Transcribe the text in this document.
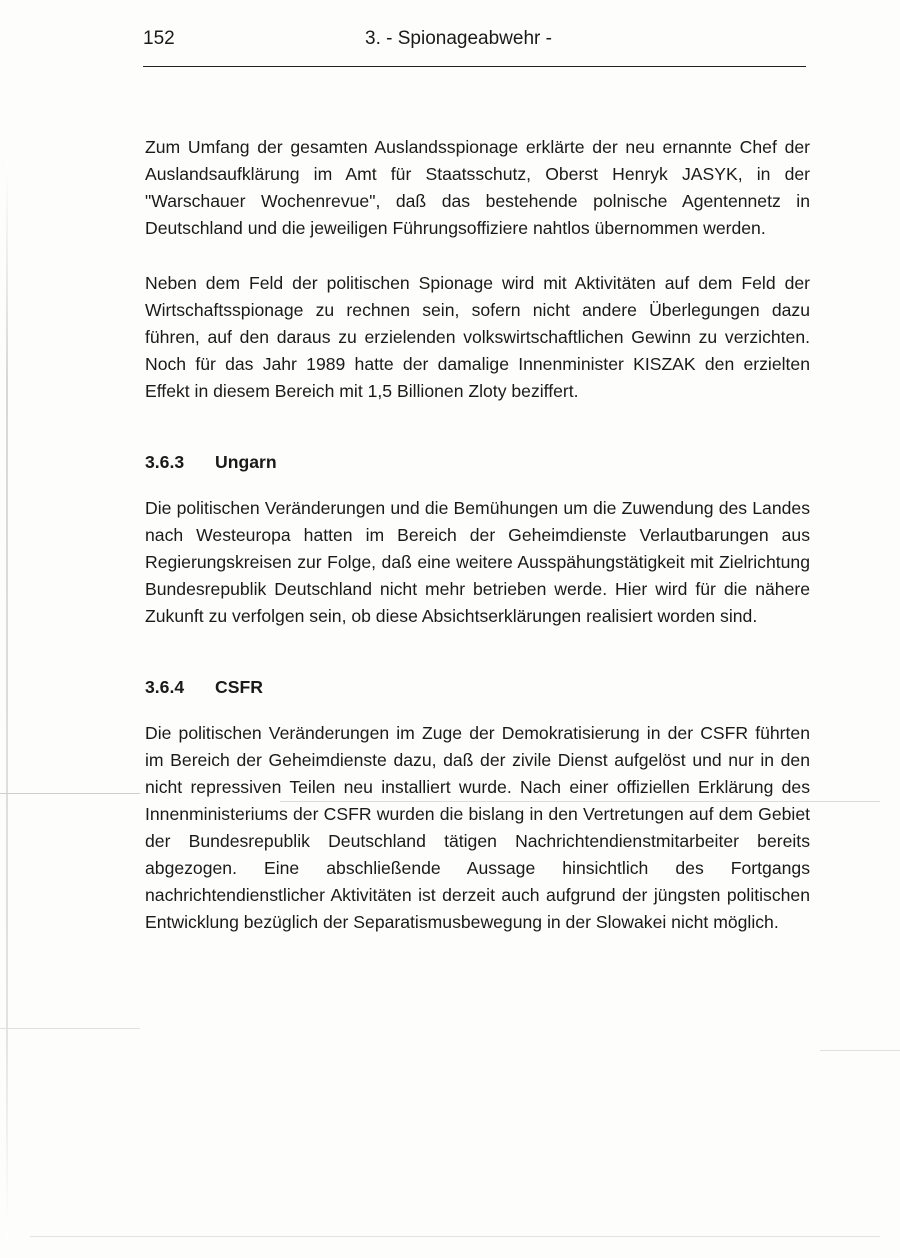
152	3. - Spionageabwehr -

Zum Umfang der gesamten Auslandsspionage erklärte der neu ernannte Chef der Auslandsaufklärung im Amt für Staatsschutz, Oberst Henryk JASYK, in der "Warschauer Wochenrevue", daß das bestehende polnische Agentennetz in Deutschland und die jeweiligen Führungsoffiziere nahtlos übernommen werden.

Neben dem Feld der politischen Spionage wird mit Aktivitäten auf dem Feld der Wirtschaftsspionage zu rechnen sein, sofern nicht andere Überlegungen dazu führen, auf den daraus zu erzielenden volkswirtschaftlichen Gewinn zu verzichten. Noch für das Jahr 1989 hatte der damalige Innenminister KISZAK den erzielten Effekt in diesem Bereich mit 1,5 Billionen Zloty beziffert.

3.6.3 Ungarn

Die politischen Veränderungen und die Bemühungen um die Zuwendung des Landes nach Westeuropa hatten im Bereich der Geheimdienste Verlautbarungen aus Regierungskreisen zur Folge, daß eine weitere Ausspähungstätigkeit mit Zielrichtung Bundesrepublik Deutschland nicht mehr betrieben werde. Hier wird für die nähere Zukunft zu verfolgen sein, ob diese Absichtserklärungen realisiert worden sind.

3.6.4 CSFR

Die politischen Veränderungen im Zuge der Demokratisierung in der CSFR führten im Bereich der Geheimdienste dazu, daß der zivile Dienst aufgelöst und nur in den nicht repressiven Teilen neu installiert wurde. Nach einer offiziellen Erklärung des Innenministeriums der CSFR wurden die bislang in den Vertretungen auf dem Gebiet der Bundesrepublik Deutschland tätigen Nachrichtendienstmitarbeiter bereits abgezogen. Eine abschließende Aussage hinsichtlich des Fortgangs nachrichtendienstlicher Aktivitäten ist derzeit auch aufgrund der jüngsten politischen Entwicklung bezüglich der Separatismusbewegung in der Slowakei nicht möglich.
